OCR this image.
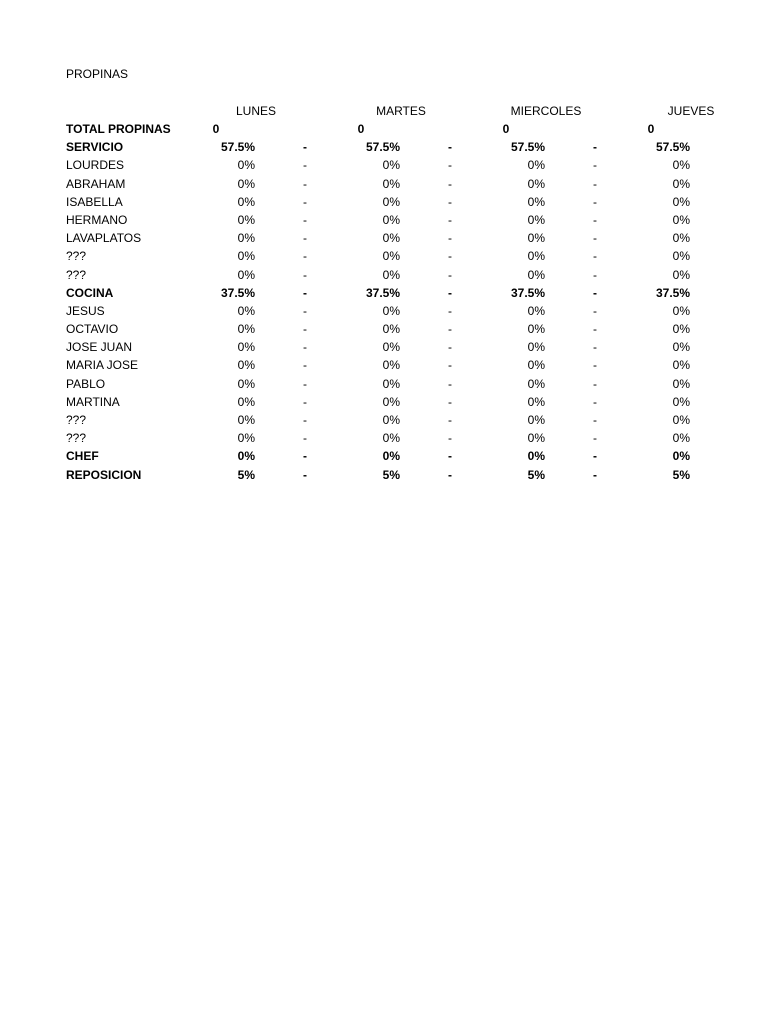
PROPINAS
LUNES	MARTES	MIERCOLES	JUEVES
TOTAL PROPINAS	0	0	0	0
SERVICIO	57.5%	-	57.5%	-	57.5%	-	57.5%
LOURDES	0%	-	0%	-	0%	-	0%
ABRAHAM	0%	-	0%	-	0%	-	0%
ISABELLA	0%	-	0%	-	0%	-	0%
HERMANO	0%	-	0%	-	0%	-	0%
LAVAPLATOS	0%	-	0%	-	0%	-	0%
???	0%	-	0%	-	0%	-	0%
???	0%	-	0%	-	0%	-	0%
COCINA	37.5%	-	37.5%	-	37.5%	-	37.5%
JESUS	0%	-	0%	-	0%	-	0%
OCTAVIO	0%	-	0%	-	0%	-	0%
JOSE JUAN	0%	-	0%	-	0%	-	0%
MARIA JOSE	0%	-	0%	-	0%	-	0%
PABLO	0%	-	0%	-	0%	-	0%
MARTINA	0%	-	0%	-	0%	-	0%
???	0%	-	0%	-	0%	-	0%
???	0%	-	0%	-	0%	-	0%
CHEF	0%	-	0%	-	0%	-	0%
REPOSICION	5%	-	5%	-	5%	-	5%
